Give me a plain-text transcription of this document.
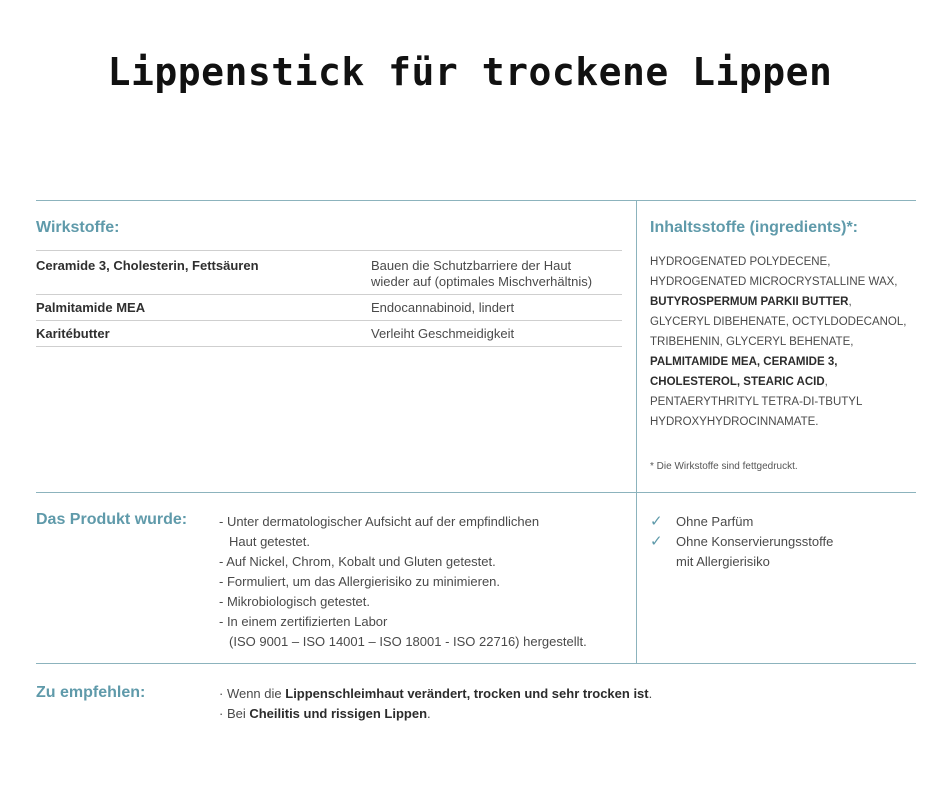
Lippenstick für trockene Lippen
Wirkstoffe:
Ceramide 3, Cholesterin, Fettsäuren	Bauen die Schutzbarriere der Haut
wieder auf (optimales Mischverhältnis)
Palmitamide MEA	Endocannabinoid, lindert
Karitébutter	Verleiht Geschmeidigkeit
Inhaltsstoffe (ingredients)*:
HYDROGENATED POLYDECENE, HYDROGENATED MICROCRYSTALLINE WAX, BUTYROSPERMUM PARKII BUTTER, GLYCERYL DIBEHENATE, OCTYLDODECANOL, TRIBEHENIN, GLYCERYL BEHENATE, PALMITAMIDE MEA, CERAMIDE 3, CHOLESTEROL, STEARIC ACID, PENTAERYTHRITYL TETRA-DI-TBUTYL HYDROXYHYDROCINNAMATE.
* Die Wirkstoffe sind fettgedruckt.
Das Produkt wurde: - Unter dermatologischer Aufsicht auf der empfindlichen
Haut getestet.
- Auf Nickel, Chrom, Kobalt und Gluten getestet.
- Formuliert, um das Allergierisiko zu minimieren.
- Mikrobiologisch getestet.
- In einem zertifizierten Labor
(ISO 9001 – ISO 14001 – ISO 18001 - ISO 22716) hergestellt.
✓	Ohne Parfüm
✓	Ohne Konservierungsstoffe
mit Allergierisiko
Zu empfehlen:	· Wenn die Lippenschleimhaut verändert, trocken und sehr trocken ist.
· Bei Cheilitis und rissigen Lippen.
